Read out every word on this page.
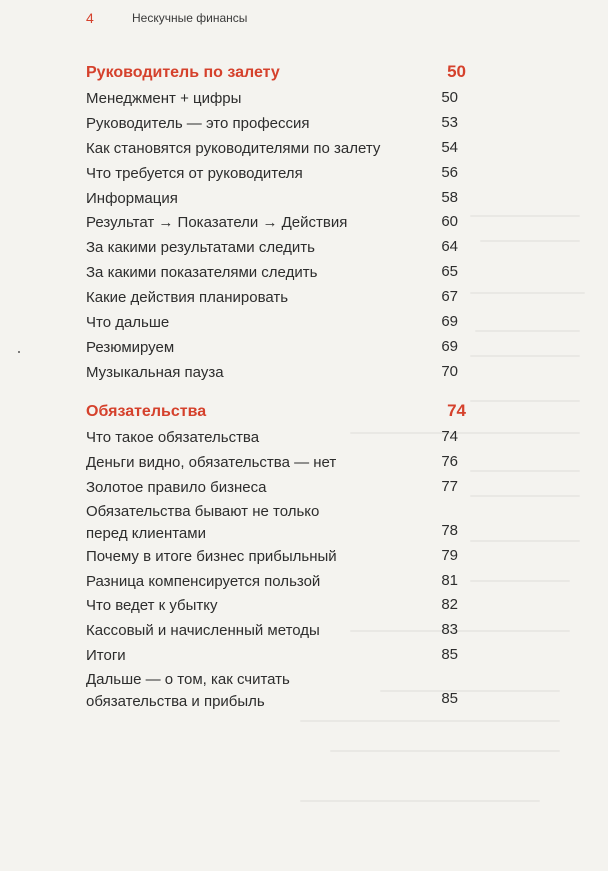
4	Нескучные финансы
Руководитель по залету	50
Менеджмент + цифры	50
Руководитель — это профессия	53
Как становятся руководителями по залету	54
Что требуется от руководителя	56
Информация	58
Результат → Показатели → Действия	60
За какими результатами следить	64
За какими показателями следить	65
Какие действия планировать	67
Что дальше	69
Резюмируем	69
Музыкальная пауза	70
Обязательства	74
Что такое обязательства	74
Деньги видно, обязательства — нет	76
Золотое правило бизнеса	77
Обязательства бывают не только
перед клиентами	78
Почему в итоге бизнес прибыльный	79
Разница компенсируется пользой	81
Что ведет к убытку	82
Кассовый и начисленный методы	83
Итоги	85
Дальше — о том, как считать
обязательства и прибыль	85
